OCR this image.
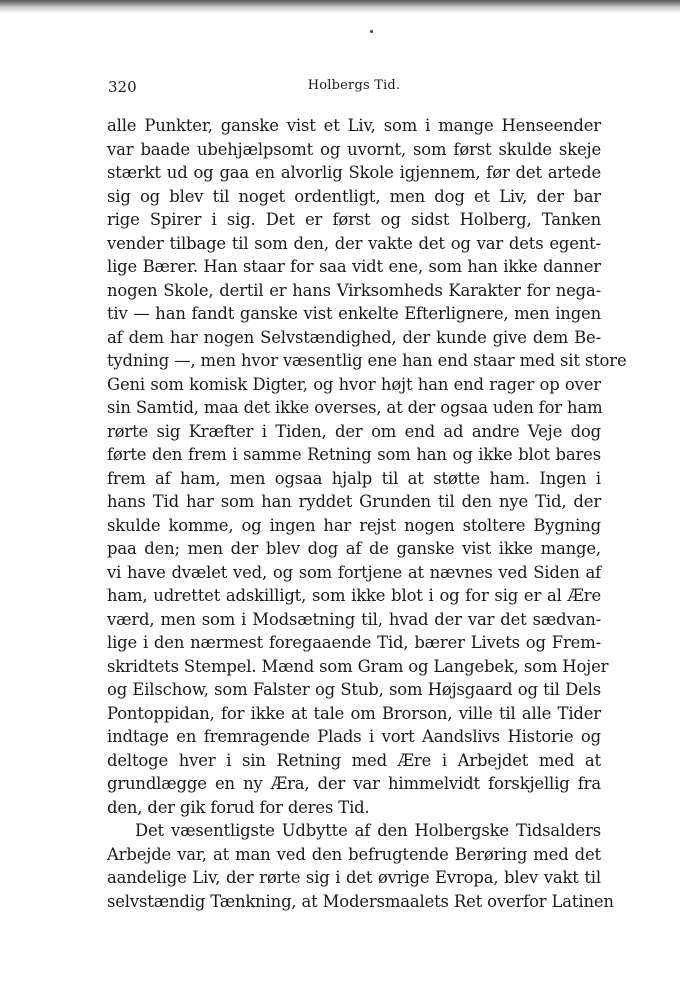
320	Holbergs Tid.
alle Punkter, ganske vist et Liv, som i mange Henseender
var baade ubehjælpsomt og uvornt, som først skulde skeje
stærkt ud og gaa en alvorlig Skole igjennem, før det artede
sig og blev til noget ordentligt, men dog et Liv, der bar
rige Spirer i sig. Det er først og sidst Holberg, Tanken
vender tilbage til som den, der vakte det og var dets egent-
lige Bærer. Han staar for saa vidt ene, som han ikke danner
nogen Skole, dertil er hans Virksomheds Karakter for nega-
tiv — han fandt ganske vist enkelte Efterlignere, men ingen
af dem har nogen Selvstændighed, der kunde give dem Be-
tydning —, men hvor væsentlig ene han end staar med sit store
Geni som komisk Digter, og hvor højt han end rager op over
sin Samtid, maa det ikke overses, at der ogsaa uden for ham
rørte sig Kræfter i Tiden, der om end ad andre Veje dog
førte den frem i samme Retning som han og ikke blot bares
frem af ham, men ogsaa hjalp til at støtte ham. Ingen i
hans Tid har som han ryddet Grunden til den nye Tid, der
skulde komme, og ingen har rejst nogen stoltere Bygning
paa den; men der blev dog af de ganske vist ikke mange,
vi have dvælet ved, og som fortjene at nævnes ved Siden af
ham, udrettet adskilligt, som ikke blot i og for sig er al Ære
værd, men som i Modsætning til, hvad der var det sædvan-
lige i den nærmest foregaaende Tid, bærer Livets og Frem-
skridtets Stempel. Mænd som Gram og Langebek, som Hojer
og Eilschow, som Falster og Stub, som Højsgaard og til Dels
Pontoppidan, for ikke at tale om Brorson, ville til alle Tider
indtage en fremragende Plads i vort Aandslivs Historie og
deltoge hver i sin Retning med Ære i Arbejdet med at
grundlægge en ny Æra, der var himmelvidt forskjellig fra
den, der gik forud for deres Tid.
Det væsentligste Udbytte af den Holbergske Tidsalders
Arbejde var, at man ved den befrugtende Berøring med det
aandelige Liv, der rørte sig i det øvrige Evropa, blev vakt til
selvstændig Tænkning, at Modersmaalets Ret overfor Latinen
